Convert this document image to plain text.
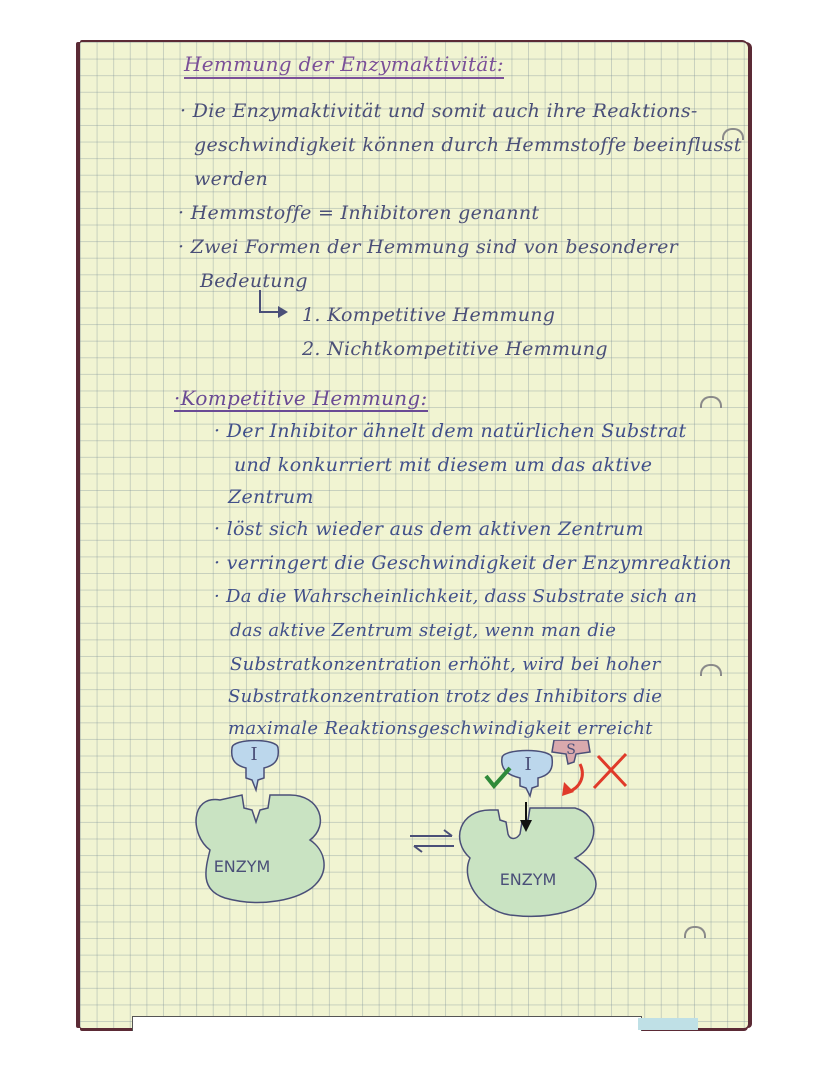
Hemmung der Enzymaktivität:
· Die Enzymaktivität und somit auch ihre Reaktions-
geschwindigkeit können durch Hemmstoffe beeinflusst
werden
· Hemmstoffe = Inhibitoren genannt
· Zwei Formen der Hemmung sind von besonderer
Bedeutung
1. Kompetitive Hemmung
2. Nichtkompetitive Hemmung
·Kompetitive Hemmung:
· Der Inhibitor ähnelt dem natürlichen Substrat
und konkurriert mit diesem um das aktive
Zentrum
· löst sich wieder aus dem aktiven Zentrum
· verringert die Geschwindigkeit der Enzymreaktion
· Da die Wahrscheinlichkeit, dass Substrate sich an
das aktive Zentrum steigt, wenn man die
Substratkonzentration erhöht, wird bei hoher
Substratkonzentration trotz des Inhibitors die
maximale Reaktionsgeschwindigkeit erreicht
I
ENZYM
ENZYM
I
S
